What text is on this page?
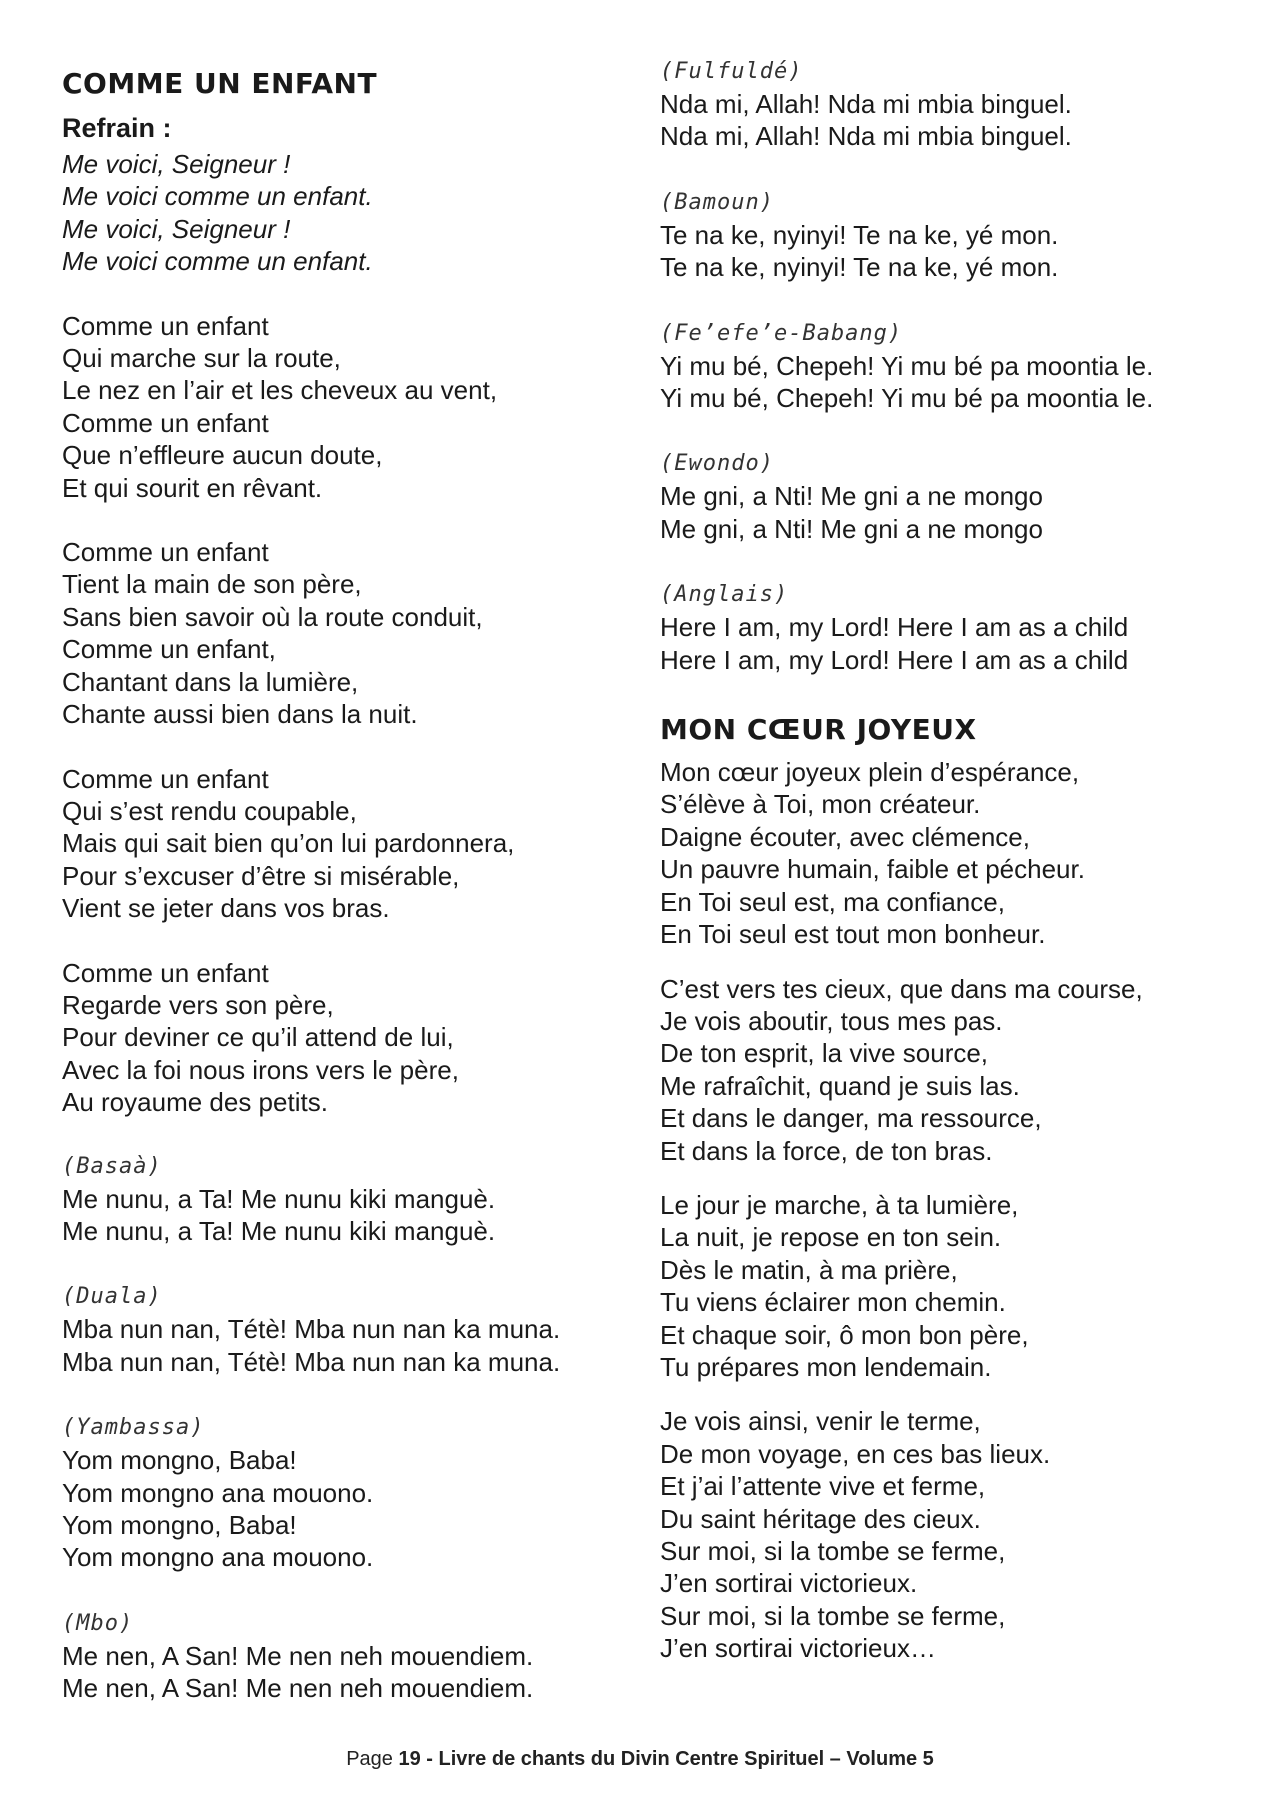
COMME UN ENFANT
Refrain :
Me voici, Seigneur !
Me voici comme un enfant.
Me voici, Seigneur !
Me voici comme un enfant.
Comme un enfant
Qui marche sur la route,
Le nez en l’air et les cheveux au vent,
Comme un enfant
Que n’effleure aucun doute,
Et qui sourit en rêvant.
Comme un enfant
Tient la main de son père,
Sans bien savoir où la route conduit,
Comme un enfant,
Chantant dans la lumière,
Chante aussi bien dans la nuit.
Comme un enfant
Qui s’est rendu coupable,
Mais qui sait bien qu’on lui pardonnera,
Pour s’excuser d’être si misérable,
Vient se jeter dans vos bras.
Comme un enfant
Regarde vers son père,
Pour deviner ce qu’il attend de lui,
Avec la foi nous irons vers le père,
Au royaume des petits.
(Basaà)
Me nunu, a Ta! Me nunu kiki manguè.
Me nunu, a Ta! Me nunu kiki manguè.
(Duala)
Mba nun nan, Tétè! Mba nun nan ka muna.
Mba nun nan, Tétè! Mba nun nan ka muna.
(Yambassa)
Yom mongno, Baba!
Yom mongno ana mouono.
Yom mongno, Baba!
Yom mongno ana mouono.
(Mbo)
Me nen, A San! Me nen neh mouendiem.
Me nen, A San! Me nen neh mouendiem.
(Fulfuldé)
Nda mi, Allah! Nda mi mbia binguel.
Nda mi, Allah! Nda mi mbia binguel.
(Bamoun)
Te na ke, nyinyi! Te na ke, yé mon.
Te na ke, nyinyi! Te na ke, yé mon.
(Fe’efe’e-Babang)
Yi mu bé, Chepeh! Yi mu bé pa moontia le.
Yi mu bé, Chepeh! Yi mu bé pa moontia le.
(Ewondo)
Me gni, a Nti! Me gni a ne mongo
Me gni, a Nti! Me gni a ne mongo
(Anglais)
Here I am, my Lord! Here I am as a child
Here I am, my Lord! Here I am as a child
MON CŒUR JOYEUX
Mon cœur joyeux plein d’espérance,
S’élève à Toi, mon créateur.
Daigne écouter, avec clémence,
Un pauvre humain, faible et pécheur.
En Toi seul est, ma confiance,
En Toi seul est tout mon bonheur.
C’est vers tes cieux, que dans ma course,
Je vois aboutir, tous mes pas.
De ton esprit, la vive source,
Me rafraîchit, quand je suis las.
Et dans le danger, ma ressource,
Et dans la force, de ton bras.
Le jour je marche, à ta lumière,
La nuit, je repose en ton sein.
Dès le matin, à ma prière,
Tu viens éclairer mon chemin.
Et chaque soir, ô mon bon père,
Tu prépares mon lendemain.
Je vois ainsi, venir le terme,
De mon voyage, en ces bas lieux.
Et j’ai l’attente vive et ferme,
Du saint héritage des cieux.
Sur moi, si la tombe se ferme,
J’en sortirai victorieux.
Sur moi, si la tombe se ferme,
J’en sortirai victorieux…
Page 19 - Livre de chants du Divin Centre Spirituel – Volume 5
